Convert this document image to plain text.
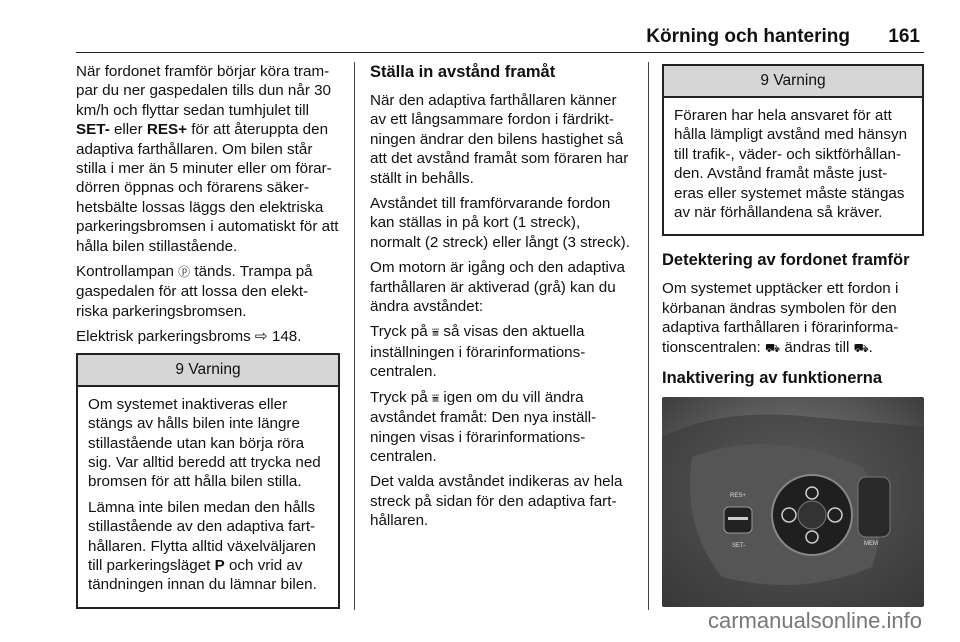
Körning och hantering 161

När fordonet framför börjar köra tram-par du ner gaspedalen tills dun når 30 km/h och flyttar sedan tumhjulet till SET- eller RES+ för att återuppta den adaptiva farthållaren. Om bilen står stilla i mer än 5 minuter eller om förar-dörren öppnas och förarens säker-hetsbälte lossas läggs den elektriska parkeringsbromsen i automatiskt för att hålla bilen stillastående.

Kontrollampan ⓟ tänds. Trampa på gaspedalen för att lossa den elekt-riska parkeringsbromsen.

Elektrisk parkeringsbroms ⇨ 148.

9 Varning

Om systemet inaktiveras eller stängs av hålls bilen inte längre stillastående utan kan börja röra sig. Var alltid beredd att trycka ned bromsen för att hålla bilen stilla.

Lämna inte bilen medan den hålls stillastående av den adaptiva fart-hållaren. Flytta alltid växelväljaren till parkeringsläget P och vrid av tändningen innan du lämnar bilen.

Ställa in avstånd framåt

När den adaptiva farthållaren känner av ett långsammare fordon i färdrikt-ningen ändrar den bilens hastighet så att det avstånd framåt som föraren har ställt in behålls.

Avståndet till framförvarande fordon kan ställas in på kort (1 streck), normalt (2 streck) eller långt (3 streck).

Om motorn är igång och den adaptiva farthållaren är aktiverad (grå) kan du ändra avståndet:

Tryck på ⩸ så visas den aktuella inställningen i förarinformations-centralen.

Tryck på ⩸ igen om du vill ändra avståndet framåt: Den nya inställ-ningen visas i förarinformations-centralen.

Det valda avståndet indikeras av hela streck på sidan för den adaptiva fart-hållaren.

9 Varning

Föraren har hela ansvaret för att hålla lämpligt avstånd med hänsyn till trafik-, väder- och siktförhållan-den. Avstånd framåt måste just-eras eller systemet måste stängas av när förhållandena så kräver.

Detektering av fordonet framför

Om systemet upptäcker ett fordon i körbanan ändras symbolen för den adaptiva farthållaren i förarinforma-tionscentralen: ⛟ ändras till ⛟.

Inaktivering av funktionerna
RES+
SET-	MEM
carmanualsonline.info
